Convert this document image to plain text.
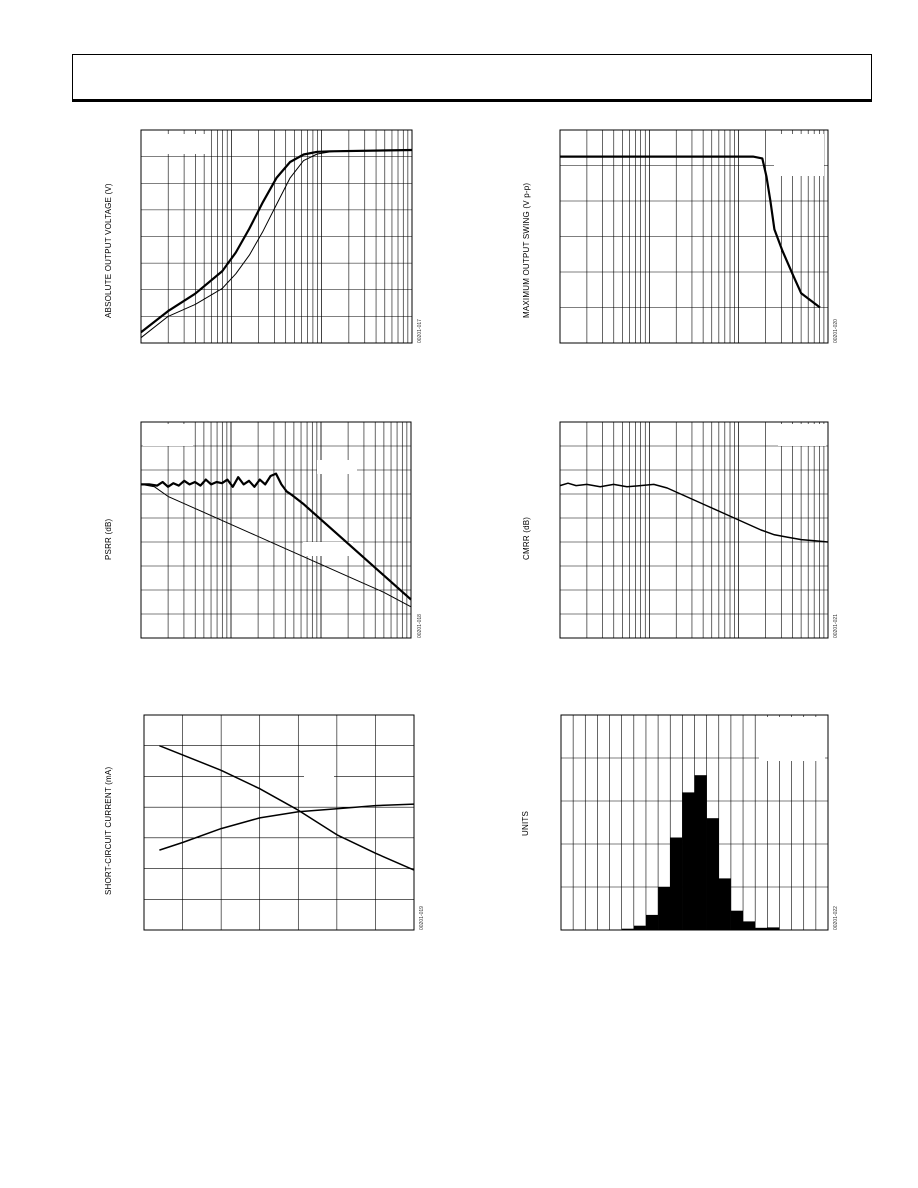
ABSOLUTE OUTPUT VOLTAGE (V)
00201-017
MAXIMUM OUTPUT SWING (V p-p)
00201-020
PSRR (dB)
00201-018
CMRR (dB)
00201-021
SHORT-CIRCUIT CURRENT (mA)
00201-019
UNITS
00201-022
